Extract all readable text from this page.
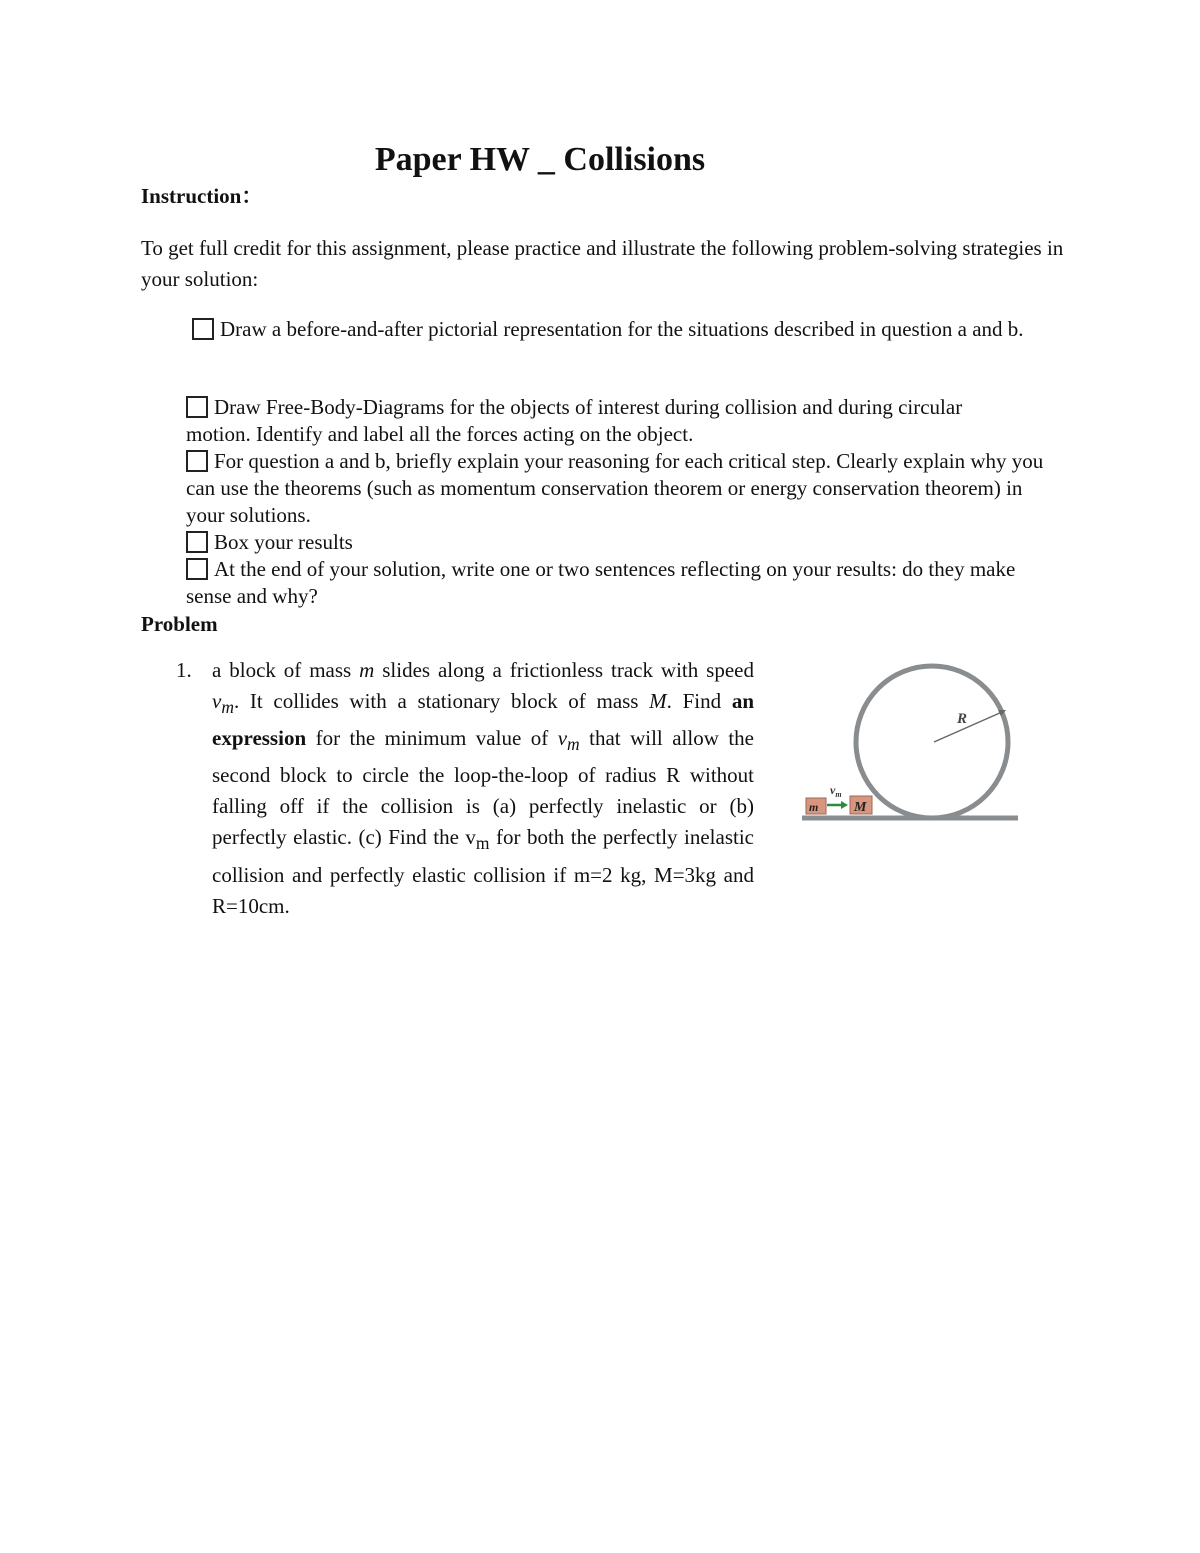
Paper HW _ Collisions
Instruction：

To get full credit for this assignment, please practice and illustrate the following problem-solving strategies in your solution:

Draw a before-and-after pictorial representation for the situations described in question a and b.
Draw Free-Body-Diagrams for the objects of interest during collision and during circular motion. Identify and label all the forces acting on the object.
For question a and b, briefly explain your reasoning for each critical step. Clearly explain why you can use the theorems (such as momentum conservation theorem or energy conservation theorem) in your solutions.
Box your results
At the end of your solution, write one or two sentences reflecting on your results: do they make sense and why?
Problem
1. a block of mass m slides along a frictionless track with speed $v_m$. It collides with a stationary block of mass M. Find an expression for the minimum value of $v_m$ that will allow the second block to circle the loop-the-loop of radius R without falling off if the collision is (a) perfectly inelastic or (b) perfectly elastic. (c) Find the $v_m$ for both the perfectly inelastic collision and perfectly elastic collision if m=2 kg, M=3kg and R=10cm.
R
m	M
$v_m$
